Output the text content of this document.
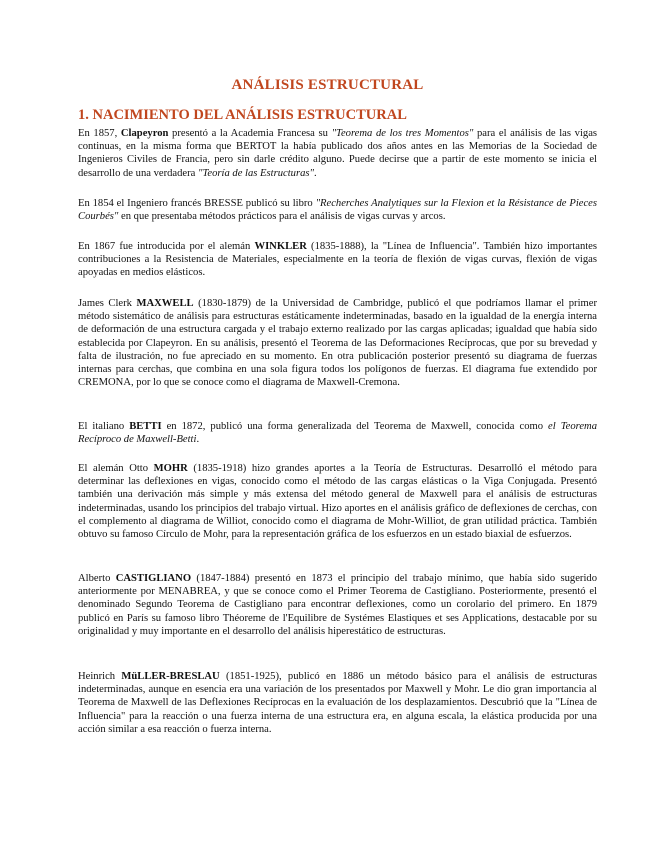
ANÁLISIS ESTRUCTURAL
1. NACIMIENTO DEL ANÁLISIS ESTRUCTURAL

En 1857, Clapeyron presentó a la Academia Francesa su "Teorema de los tres Momentos" para el análisis de las vigas continuas, en la misma forma que BERTOT la había publicado dos años antes en las Memorias de la Sociedad de Ingenieros Civiles de Francia, pero sin darle crédito alguno. Puede decirse que a partir de este momento se inicia el desarrollo de una verdadera "Teoría de las Estructuras".

En 1854 el Ingeniero francés BRESSE publicó su libro "Recherches Analytiques sur la Flexion et la Résistance de Pieces Courbés" en que presentaba métodos prácticos para el análisis de vigas curvas y arcos.

En 1867 fue introducida por el alemán WINKLER (1835-1888), la "Línea de Influencia". También hizo importantes contribuciones a la Resistencia de Materiales, especialmente en la teoría de flexión de vigas curvas, flexión de vigas apoyadas en medios elásticos.

James Clerk MAXWELL (1830-1879) de la Universidad de Cambridge, publicó el que podríamos llamar el primer método sistemático de análisis para estructuras estáticamente indeterminadas, basado en la igualdad de la energía interna de deformación de una estructura cargada y el trabajo externo realizado por las cargas aplicadas; igualdad que había sido establecida por Clapeyron. En su análisis, presentó el Teorema de las Deformaciones Recíprocas, que por su brevedad y falta de ilustración, no fue apreciado en su momento. En otra publicación posterior presentó su diagrama de fuerzas internas para cerchas, que combina en una sola figura todos los polígonos de fuerzas. El diagrama fue extendido por CREMONA, por lo que se conoce como el diagrama de Maxwell-Cremona.

El italiano BETTI en 1872, publicó una forma generalizada del Teorema de Maxwell, conocida como el Teorema Recíproco de Maxwell-Betti.

El alemán Otto MOHR (1835-1918) hizo grandes aportes a la Teoría de Estructuras. Desarrolló el método para determinar las deflexiones en vigas, conocido como el método de las cargas elásticas o la Viga Conjugada. Presentó también una derivación más simple y más extensa del método general de Maxwell para el análisis de estructuras indeterminadas, usando los principios del trabajo virtual. Hizo aportes en el análisis gráfico de deflexiones de cerchas, con el complemento al diagrama de Williot, conocido como el diagrama de Mohr-Williot, de gran utilidad práctica. También obtuvo su famoso Círculo de Mohr, para la representación gráfica de los esfuerzos en un estado biaxial de esfuerzos.

Alberto CASTIGLIANO (1847-1884) presentó en 1873 el principio del trabajo mínimo, que había sido sugerido anteriormente por MENABREA, y que se conoce como el Primer Teorema de Castigliano. Posteriormente, presentó el denominado Segundo Teorema de Castigliano para encontrar deflexiones, como un corolario del primero. En 1879 publicó en París su famoso libro Théoreme de l'Equilibre de Systémes Elastiques et ses Applications, destacable por su originalidad y muy importante en el desarrollo del análisis hiperestático de estructuras.

Heinrich MüLLER-BRESLAU (1851-1925), publicó en 1886 un método básico para el análisis de estructuras indeterminadas, aunque en esencia era una variación de los presentados por Maxwell y Mohr. Le dio gran importancia al Teorema de Maxwell de las Deflexiones Recíprocas en la evaluación de los desplazamientos. Descubrió que la "Línea de Influencia" para la reacción o una fuerza interna de una estructura era, en alguna escala, la elástica producida por una acción similar a esa reacción o fuerza interna.
